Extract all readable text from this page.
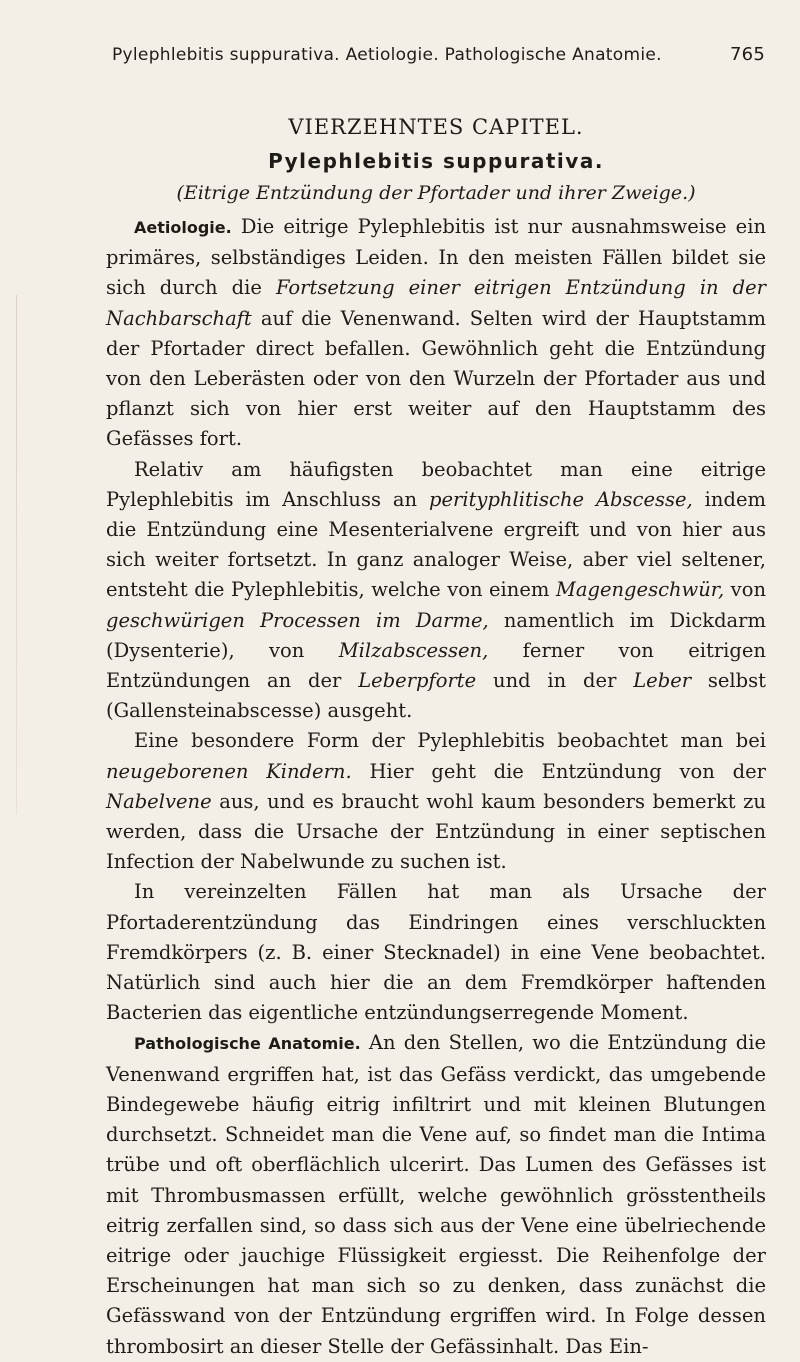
Pylephlebitis suppurativa. Aetiologie. Pathologische Anatomie.	765
VIERZEHNTES CAPITEL.
Pylephlebitis suppurativa.
(Eitrige Entzündung der Pfortader und ihrer Zweige.)

Aetiologie. Die eitrige Pylephlebitis ist nur ausnahmsweise ein primäres, selbständiges Leiden. In den meisten Fällen bildet sie sich durch die Fortsetzung einer eitrigen Entzündung in der Nachbarschaft auf die Venenwand. Selten wird der Hauptstamm der Pfortader direct befallen. Gewöhnlich geht die Entzündung von den Leberästen oder von den Wurzeln der Pfortader aus und pflanzt sich von hier erst weiter auf den Hauptstamm des Gefässes fort.

Relativ am häufigsten beobachtet man eine eitrige Pylephlebitis im Anschluss an perityphlitische Abscesse, indem die Entzündung eine Mesenterialvene ergreift und von hier aus sich weiter fortsetzt. In ganz analoger Weise, aber viel seltener, entsteht die Pylephlebitis, welche von einem Magengeschwür, von geschwürigen Processen im Darme, namentlich im Dickdarm (Dysenterie), von Milzabscessen, ferner von eitrigen Entzündungen an der Leberpforte und in der Leber selbst (Gallensteinabscesse) ausgeht.

Eine besondere Form der Pylephlebitis beobachtet man bei neugeborenen Kindern. Hier geht die Entzündung von der Nabelvene aus, und es braucht wohl kaum besonders bemerkt zu werden, dass die Ursache der Entzündung in einer septischen Infection der Nabelwunde zu suchen ist.

In vereinzelten Fällen hat man als Ursache der Pfortaderentzündung das Eindringen eines verschluckten Fremdkörpers (z. B. einer Stecknadel) in eine Vene beobachtet. Natürlich sind auch hier die an dem Fremdkörper haftenden Bacterien das eigentliche entzündungserregende Moment.

Pathologische Anatomie. An den Stellen, wo die Entzündung die Venenwand ergriffen hat, ist das Gefäss verdickt, das umgebende Bindegewebe häufig eitrig infiltrirt und mit kleinen Blutungen durchsetzt. Schneidet man die Vene auf, so findet man die Intima trübe und oft oberflächlich ulcerirt. Das Lumen des Gefässes ist mit Thrombusmassen erfüllt, welche gewöhnlich grösstentheils eitrig zerfallen sind, so dass sich aus der Vene eine übelriechende eitrige oder jauchige Flüssigkeit ergiesst. Die Reihenfolge der Erscheinungen hat man sich so zu denken, dass zunächst die Gefässwand von der Entzündung ergriffen wird. In Folge dessen thrombosirt an dieser Stelle der Gefässinhalt. Das Ein-
